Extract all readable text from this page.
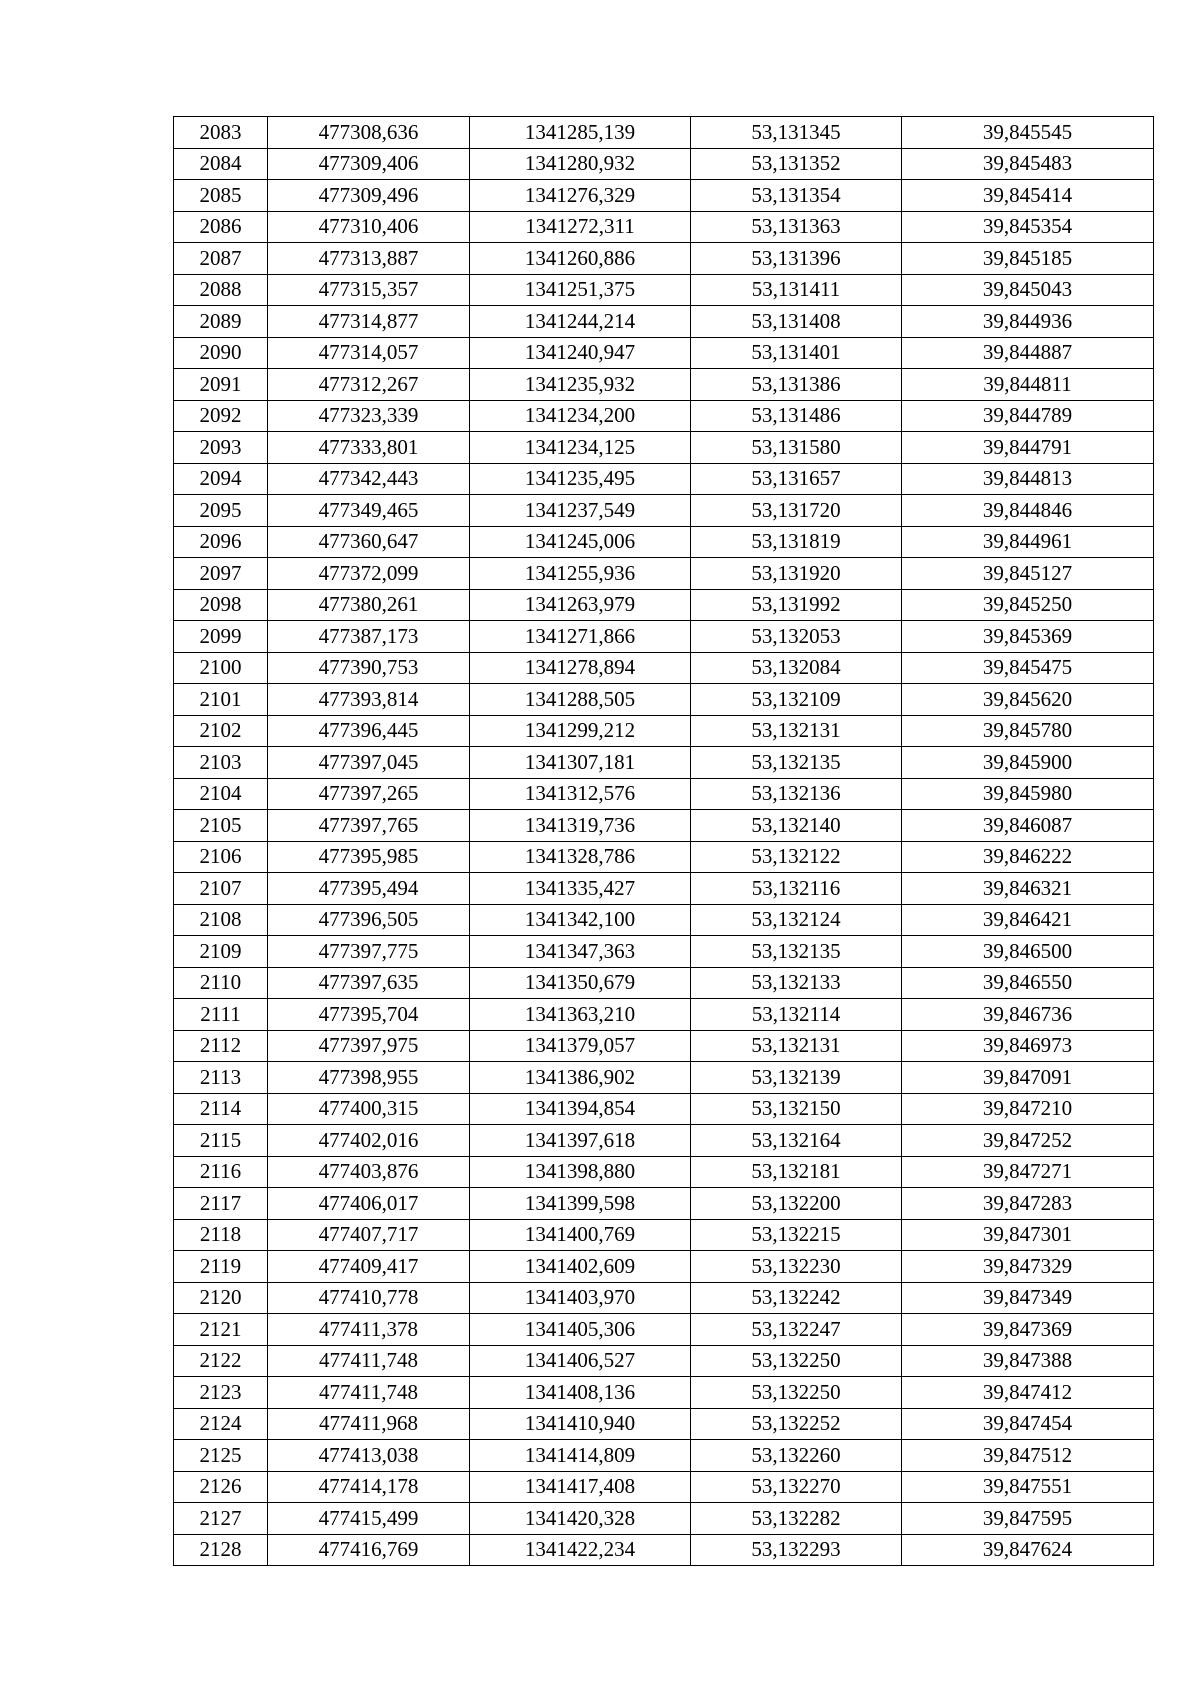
2083	477308,636	1341285,139	53,131345	39,845545
2084	477309,406	1341280,932	53,131352	39,845483
2085	477309,496	1341276,329	53,131354	39,845414
2086	477310,406	1341272,311	53,131363	39,845354
2087	477313,887	1341260,886	53,131396	39,845185
2088	477315,357	1341251,375	53,131411	39,845043
2089	477314,877	1341244,214	53,131408	39,844936
2090	477314,057	1341240,947	53,131401	39,844887
2091	477312,267	1341235,932	53,131386	39,844811
2092	477323,339	1341234,200	53,131486	39,844789
2093	477333,801	1341234,125	53,131580	39,844791
2094	477342,443	1341235,495	53,131657	39,844813
2095	477349,465	1341237,549	53,131720	39,844846
2096	477360,647	1341245,006	53,131819	39,844961
2097	477372,099	1341255,936	53,131920	39,845127
2098	477380,261	1341263,979	53,131992	39,845250
2099	477387,173	1341271,866	53,132053	39,845369
2100	477390,753	1341278,894	53,132084	39,845475
2101	477393,814	1341288,505	53,132109	39,845620
2102	477396,445	1341299,212	53,132131	39,845780
2103	477397,045	1341307,181	53,132135	39,845900
2104	477397,265	1341312,576	53,132136	39,845980
2105	477397,765	1341319,736	53,132140	39,846087
2106	477395,985	1341328,786	53,132122	39,846222
2107	477395,494	1341335,427	53,132116	39,846321
2108	477396,505	1341342,100	53,132124	39,846421
2109	477397,775	1341347,363	53,132135	39,846500
2110	477397,635	1341350,679	53,132133	39,846550
2111	477395,704	1341363,210	53,132114	39,846736
2112	477397,975	1341379,057	53,132131	39,846973
2113	477398,955	1341386,902	53,132139	39,847091
2114	477400,315	1341394,854	53,132150	39,847210
2115	477402,016	1341397,618	53,132164	39,847252
2116	477403,876	1341398,880	53,132181	39,847271
2117	477406,017	1341399,598	53,132200	39,847283
2118	477407,717	1341400,769	53,132215	39,847301
2119	477409,417	1341402,609	53,132230	39,847329
2120	477410,778	1341403,970	53,132242	39,847349
2121	477411,378	1341405,306	53,132247	39,847369
2122	477411,748	1341406,527	53,132250	39,847388
2123	477411,748	1341408,136	53,132250	39,847412
2124	477411,968	1341410,940	53,132252	39,847454
2125	477413,038	1341414,809	53,132260	39,847512
2126	477414,178	1341417,408	53,132270	39,847551
2127	477415,499	1341420,328	53,132282	39,847595
2128	477416,769	1341422,234	53,132293	39,847624
